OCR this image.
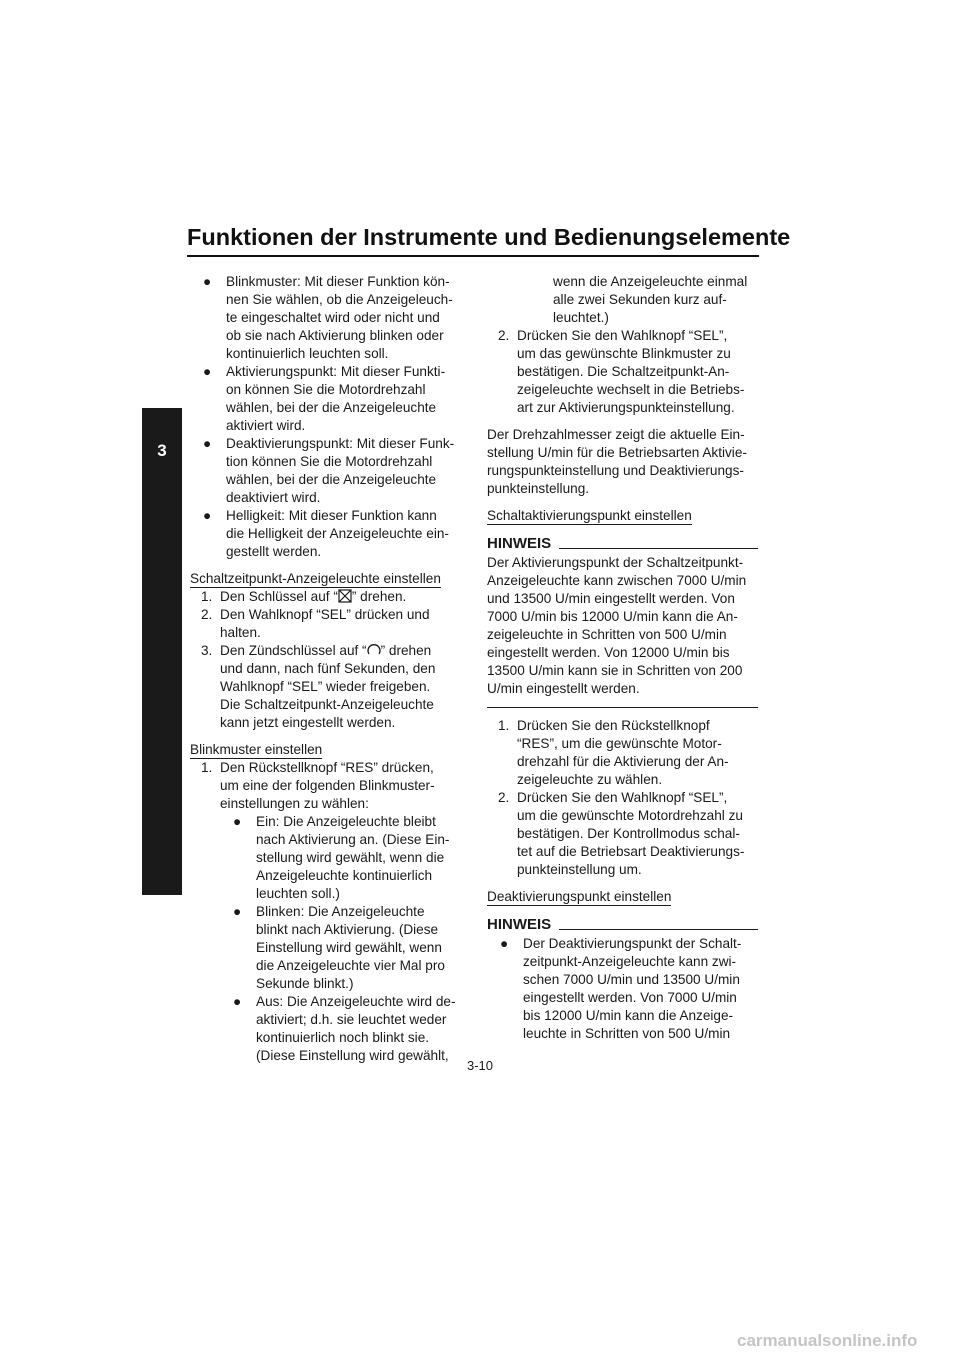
Funktionen der Instrumente und Bedienungselemente
3
● Blinkmuster: Mit dieser Funktion kön-
nen Sie wählen, ob die Anzeigeleuch-
te eingeschaltet wird oder nicht und
ob sie nach Aktivierung blinken oder
kontinuierlich leuchten soll.
● Aktivierungspunkt: Mit dieser Funkti-
on können Sie die Motordrehzahl
wählen, bei der die Anzeigeleuchte
aktiviert wird.
● Deaktivierungspunkt: Mit dieser Funk-
tion können Sie die Motordrehzahl
wählen, bei der die Anzeigeleuchte
deaktiviert wird.
● Helligkeit: Mit dieser Funktion kann
die Helligkeit der Anzeigeleuchte ein-
gestellt werden.
Schaltzeitpunkt-Anzeigeleuchte einstellen
1. Den Schlüssel auf “ ” drehen.
2. Den Wahlknopf “SEL” drücken und
halten.
3. Den Zündschlüssel auf “ ” drehen
und dann, nach fünf Sekunden, den
Wahlknopf “SEL” wieder freigeben.
Die Schaltzeitpunkt-Anzeigeleuchte
kann jetzt eingestellt werden.
Blinkmuster einstellen
1. Den Rückstellknopf “RES” drücken,
um eine der folgenden Blinkmuster-
einstellungen zu wählen:
● Ein: Die Anzeigeleuchte bleibt
nach Aktivierung an. (Diese Ein-
stellung wird gewählt, wenn die
Anzeigeleuchte kontinuierlich
leuchten soll.)
● Blinken: Die Anzeigeleuchte
blinkt nach Aktivierung. (Diese
Einstellung wird gewählt, wenn
die Anzeigeleuchte vier Mal pro
Sekunde blinkt.)
● Aus: Die Anzeigeleuchte wird de-
aktiviert; d.h. sie leuchtet weder
kontinuierlich noch blinkt sie.
(Diese Einstellung wird gewählt,
wenn die Anzeigeleuchte einmal
alle zwei Sekunden kurz auf-
leuchtet.)
2. Drücken Sie den Wahlknopf “SEL”,
um das gewünschte Blinkmuster zu
bestätigen. Die Schaltzeitpunkt-An-
zeigeleuchte wechselt in die Betriebs-
art zur Aktivierungspunkteinstellung.
Der Drehzahlmesser zeigt die aktuelle Ein-
stellung U/min für die Betriebsarten Aktivie-
rungspunkteinstellung und Deaktivierungs-
punkteinstellung.
Schaltaktivierungspunkt einstellen
HINWEIS
Der Aktivierungspunkt der Schaltzeitpunkt-
Anzeigeleuchte kann zwischen 7000 U/min
und 13500 U/min eingestellt werden. Von
7000 U/min bis 12000 U/min kann die An-
zeigeleuchte in Schritten von 500 U/min
eingestellt werden. Von 12000 U/min bis
13500 U/min kann sie in Schritten von 200
U/min eingestellt werden.
1. Drücken Sie den Rückstellknopf
“RES”, um die gewünschte Motor-
drehzahl für die Aktivierung der An-
zeigeleuchte zu wählen.
2. Drücken Sie den Wahlknopf “SEL”,
um die gewünschte Motordrehzahl zu
bestätigen. Der Kontrollmodus schal-
tet auf die Betriebsart Deaktivierungs-
punkteinstellung um.
Deaktivierungspunkt einstellen
HINWEIS
● Der Deaktivierungspunkt der Schalt-
zeitpunkt-Anzeigeleuchte kann zwi-
schen 7000 U/min und 13500 U/min
eingestellt werden. Von 7000 U/min
bis 12000 U/min kann die Anzeige-
leuchte in Schritten von 500 U/min
3-10
carmanualsonline.info
